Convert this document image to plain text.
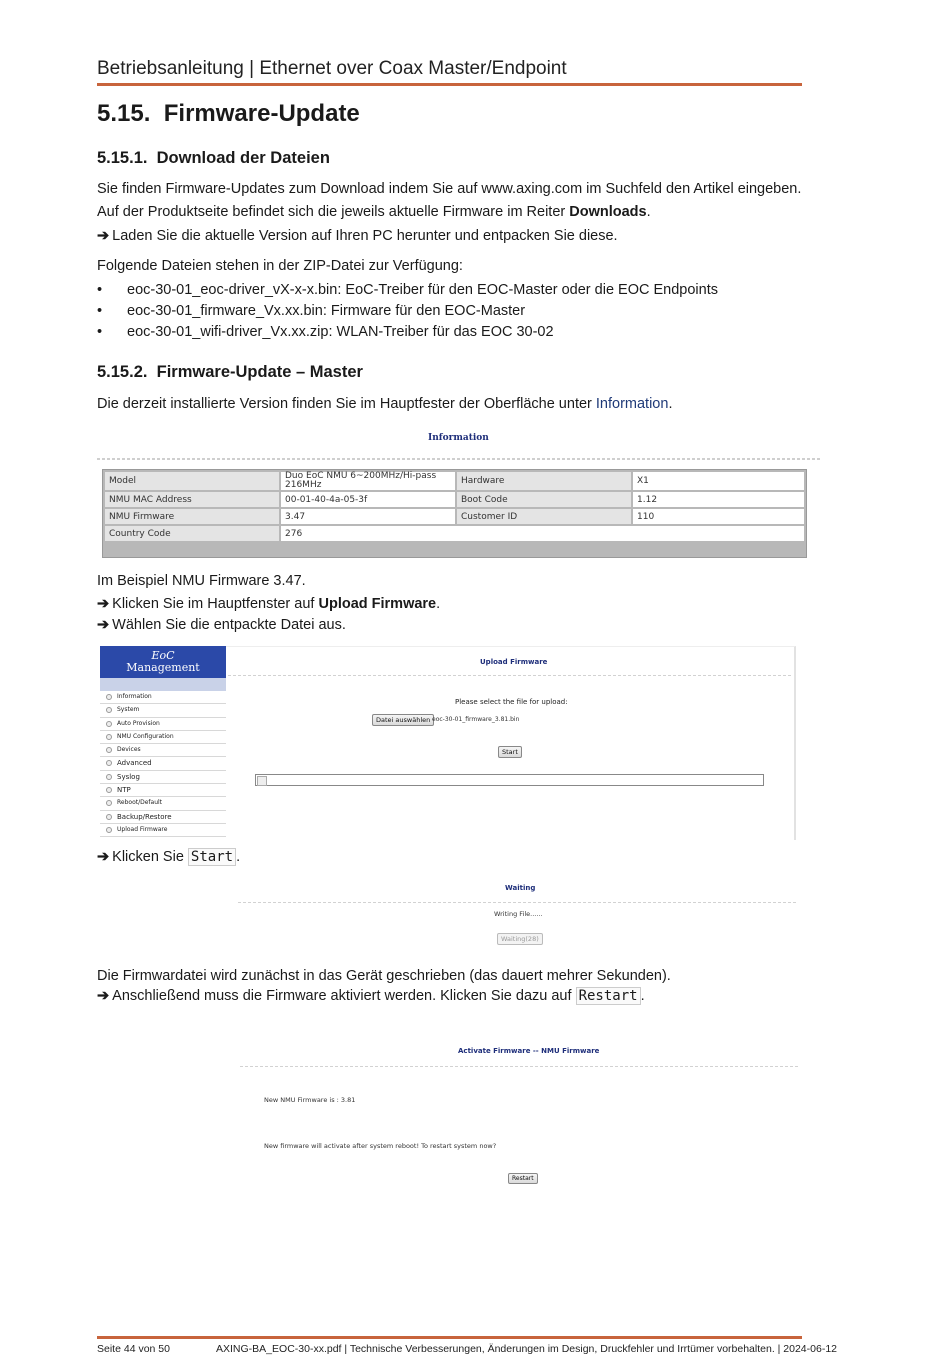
Betriebsanleitung | Ethernet over Coax Master/Endpoint
5.15. Firmware-Update
5.15.1. Download der Dateien
Sie finden Firmware-Updates zum Download indem Sie auf www.axing.com im Suchfeld den Artikel eingeben.
Auf der Produktseite befindet sich die jeweils aktuelle Firmware im Reiter Downloads.
➔ Laden Sie die aktuelle Version auf Ihren PC herunter und entpacken Sie diese.
Folgende Dateien stehen in der ZIP-Datei zur Verfügung:
• eoc-30-01_eoc-driver_vX-x-x.bin: EoC-Treiber für den EOC-Master oder die EOC Endpoints
• eoc-30-01_firmware_Vx.xx.bin: Firmware für den EOC-Master
• eoc-30-01_wifi-driver_Vx.xx.zip: WLAN-Treiber für das EOC 30-02
5.15.2. Firmware-Update – Master
Die derzeit installierte Version finden Sie im Hauptfester der Oberfläche unter Information.
Information
Model	Duo EoC NMU 6~200MHz/Hi-pass 216MHz	Hardware	X1
NMU MAC Address	00-01-40-4a-05-3f	Boot Code	1.12
NMU Firmware	3.47	Customer ID	110
Country Code	276		
Im Beispiel NMU Firmware 3.47.
➔ Klicken Sie im Hauptfenster auf Upload Firmware.
➔ Wählen Sie die entpackte Datei aus.
EoC
Management
Information
System
Auto Provision
NMU Configuration
Devices
Advanced
Syslog
NTP
Reboot/Default
Backup/Restore
Upload Firmware
Upload Firmware
Please select the file for upload:
Datei auswählen eoc-30-01_firmware_3.81.bin
Start
➔ Klicken Sie Start .
Waiting
Writing File......
Waiting(28)
Die Firmwardatei wird zunächst in das Gerät geschrieben (das dauert mehrer Sekunden).
➔ Anschließend muss die Firmware aktiviert werden. Klicken Sie dazu auf Restart .
Activate Firmware -- NMU Firmware
New NMU Firmware is : 3.81
New firmware will activate after system reboot! To restart system now?
Restart
Seite 44 von 50	AXING-BA_EOC-30-xx.pdf | Technische Verbesserungen, Änderungen im Design, Druckfehler und Irrtümer vorbehalten. | 2024-06-12
